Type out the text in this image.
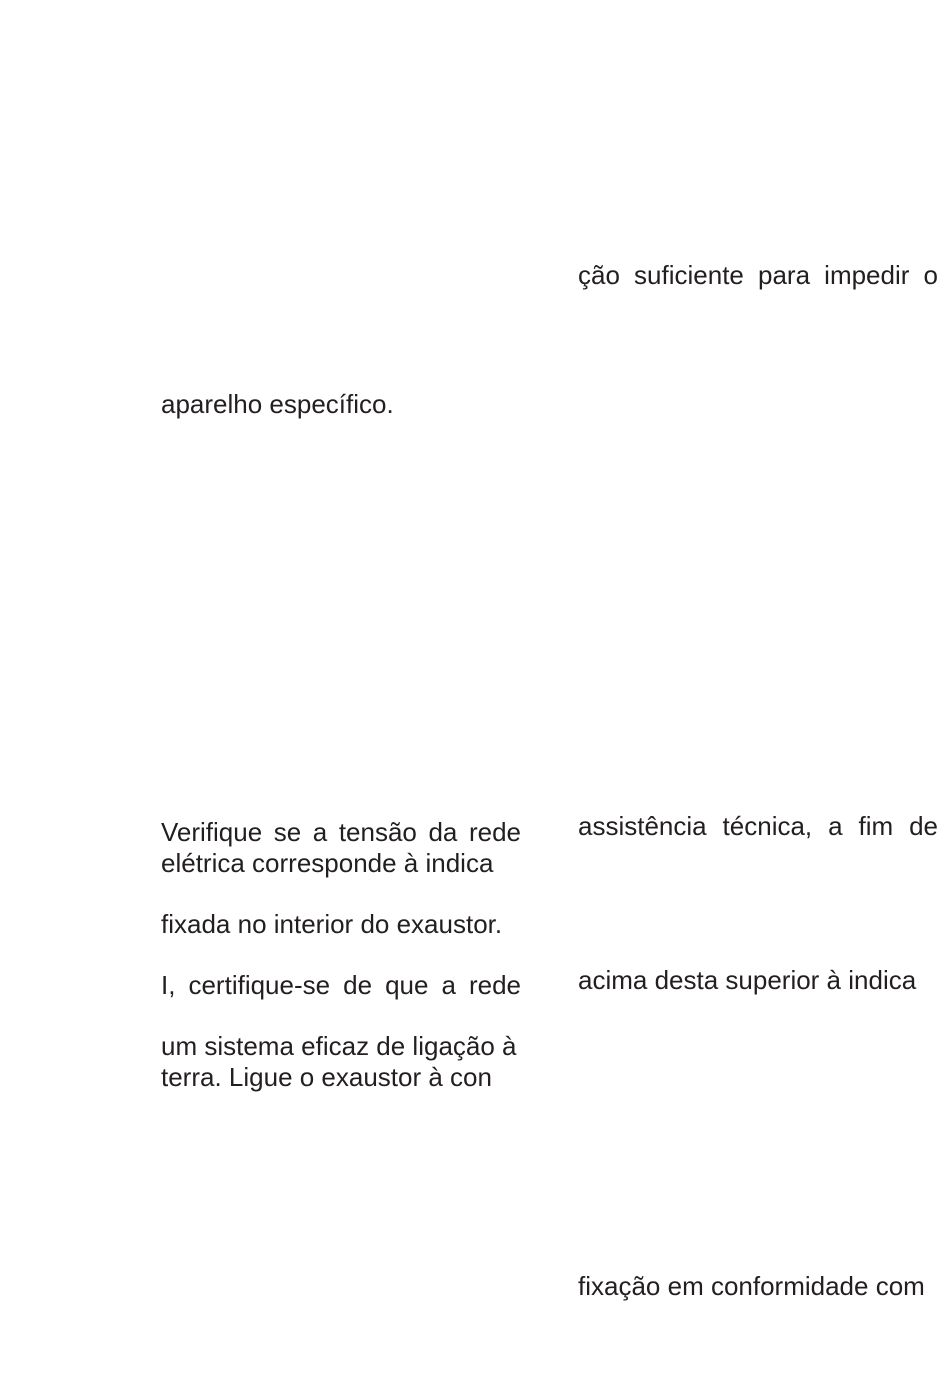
ção suficiente para impedir o

aparelho específico.

Verifique se a tensão da rede

elétrica corresponde à indica

assistência técnica, a fim de

fixada no interior do exaustor.

I, certifique-se de que a rede acima desta superior à indica

um sistema eficaz de ligação à

terra. Ligue o exaustor à con

fixação em conformidade com
